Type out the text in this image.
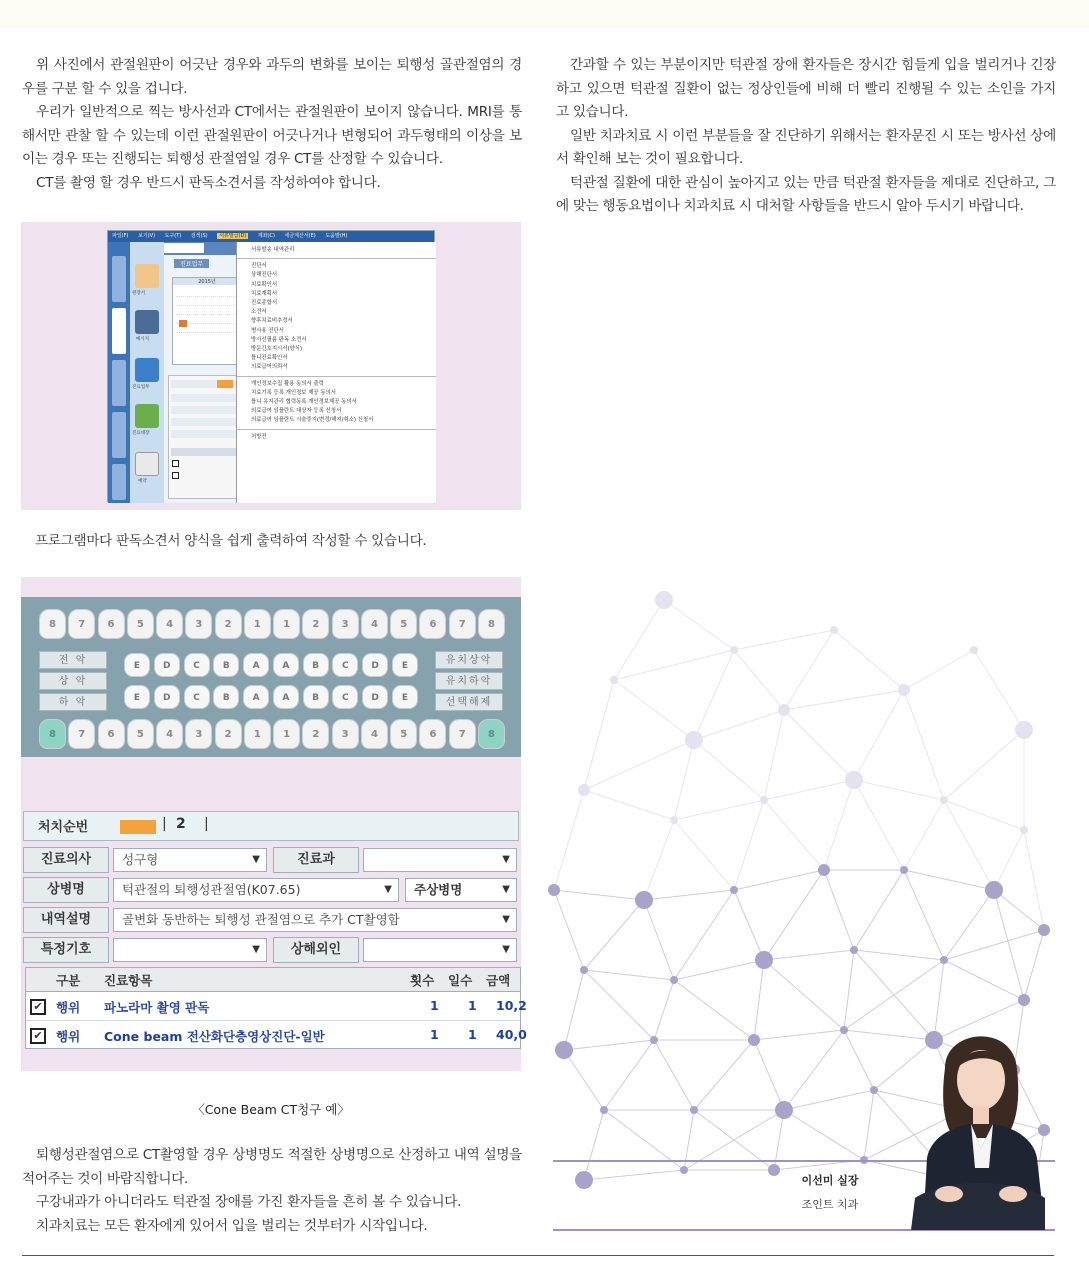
위 사진에서 관절원판이 어긋난 경우와 과두의 변화를 보이는 퇴행성 골관절염의 경우를 구분 할 수 있을 겁니다.

우리가 일반적으로 찍는 방사선과 CT에서는 관절원판이 보이지 않습니다. MRI를 통해서만 관찰 할 수 있는데 이런 관절원판이 어긋나거나 변형되어 과두형태의 이상을 보이는 경우 또는 진행되는 퇴행성 관절염일 경우 CT를 산정할 수 있습니다.

CT를 촬영 할 경우 반드시 판독소견서를 작성하여야 합니다.

간과할 수 있는 부분이지만 턱관절 장애 환자들은 장시간 힘들게 입을 벌리거나 긴장하고 있으면 턱관절 질환이 없는 정상인들에 비해 더 빨리 진행될 수 있는 소인을 가지고 있습니다.

일반 치과치료 시 이런 부분들을 잘 진단하기 위해서는 환자문진 시 또는 방사선 상에서 확인해 보는 것이 필요합니다.

턱관절 질환에 대한 관심이 높아지고 있는 만큼 턱관절 환자들을 제대로 진단하고, 그에 맞는 행동요법이나 치과치료 시 대처할 사항들을 반드시 알아 두시기 바랍니다.

파일(F) 보기(V) 도구(T) 검색(S) 서류발급(D) 계좌(C) 세금계산서(E) 도움말(H)
원장서
메시지
진료업무
진료대장
예약
진료업무
2015년
서류발송 내역관리
진단서
상해진단서
치료확인서
치료계획서
진료종합서
소견서
향후치료비추정서
병사용 진단서
방사선필름 판독 소견서
방문간호지시서(양식)
틀니진료확인서
의료급여의뢰서
개인정보수집 활용 동의서 출력
치료기록 등록 개인정보 제공 동의서
틀니 유지관리 협력동록 개인정보제공 동의서
의료급여 임플란트 대상자 등록 신청서
의료급여 임플란트 시술중지(변경/해지/취소) 신청서
처방전
프로그램마다 판독소견서 양식을 쉽게 출력하여 작성할 수 있습니다.
8	7	6	5	4	3	2	1	1	2	3	4	5	6	7	8
E	D	C	B	A	A	B	C	D	E
E	D	C	B	A	A	B	C	D	E
8	7	6	5	4	3	2	1	1	2	3	4	5	6	7	8
전 악
상 악
하 악
유치상악
유치하악
선택해제
처치순번	1	2
|	|
진료의사	성구형	▼	진료과	▼
상병명	턱관절의 퇴행성관절염(K07.65)	▼	주상병명	▼
내역설명	골변화 동반하는 퇴행성 관절염으로 추가 CT촬영함	▼
특정기호	▼	상해외인	▼
구분 진료항목	횟수 일수 금액
✔ 행위 파노라마 촬영 판독	1 1 10,2
✔ 행위 Cone beam 전산화단층영상진단-일반	1 1 40,0
〈Cone Beam CT청구 예〉

퇴행성관절염으로 CT촬영할 경우 상병명도 적절한 상병명으로 산정하고 내역 설명을 적어주는 것이 바람직합니다.

구강내과가 아니더라도 턱관절 장애를 가진 환자들을 흔히 볼 수 있습니다.

치과치료는 모든 환자에게 있어서 입을 벌리는 것부터가 시작입니다.

이선미 실장
조인트 치과
